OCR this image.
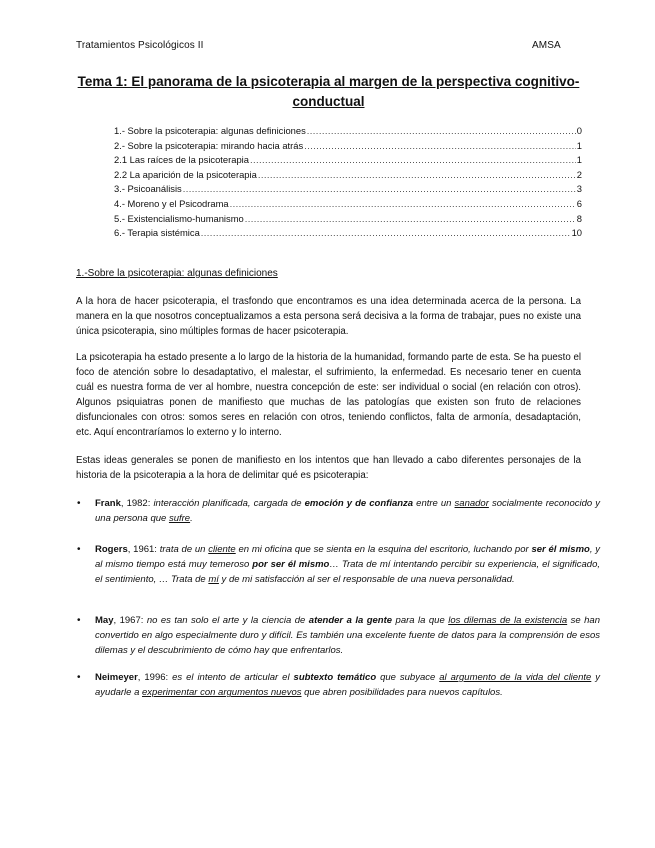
Tratamientos Psicológicos II	AMSA
Tema 1: El panorama de la psicoterapia al margen de la perspectiva cognitivo-conductual
1.- Sobre la psicoterapia: algunas definiciones .....	0
2.- Sobre la psicoterapia: mirando hacia atrás .....	1
2.1 Las raíces de la psicoterapia .....	1
2.2 La aparición de la psicoterapia .....	2
3.- Psicoanálisis .....	3
4.- Moreno y el Psicodrama .....	6
5.- Existencialismo-humanismo .....	8
6.- Terapia sistémica .....	10
1.-Sobre la psicoterapia: algunas definiciones
A la hora de hacer psicoterapia, el trasfondo que encontramos es una idea determinada acerca de la persona. La manera en la que nosotros conceptualizamos a esta persona será decisiva a la forma de trabajar, pues no existe una única psicoterapia, sino múltiples formas de hacer psicoterapia.
La psicoterapia ha estado presente a lo largo de la historia de la humanidad, formando parte de esta. Se ha puesto el foco de atención sobre lo desadaptativo, el malestar, el sufrimiento, la enfermedad. Es necesario tener en cuenta cuál es nuestra forma de ver al hombre, nuestra concepción de este: ser individual o social (en relación con otros). Algunos psiquiatras ponen de manifiesto que muchas de las patologías que existen son fruto de relaciones disfuncionales con otros: somos seres en relación con otros, teniendo conflictos, falta de armonía, desadaptación, etc. Aquí encontraríamos lo externo y lo interno.
Estas ideas generales se ponen de manifiesto en los intentos que han llevado a cabo diferentes personajes de la historia de la psicoterapia a la hora de delimitar qué es psicoterapia:
• Frank, 1982: interacción planificada, cargada de emoción y de confianza entre un sanador socialmente reconocido y una persona que sufre.
• Rogers, 1961: trata de un cliente en mi oficina que se sienta en la esquina del escritorio, luchando por ser él mismo, y al mismo tiempo está muy temeroso por ser él mismo… Trata de mí intentando percibir su experiencia, el significado, el sentimiento, … Trata de mí y de mi satisfacción al ser el responsable de una nueva personalidad.
• May, 1967: no es tan solo el arte y la ciencia de atender a la gente para la que los dilemas de la existencia se han convertido en algo especialmente duro y difícil. Es también una excelente fuente de datos para la comprensión de esos dilemas y el descubrimiento de cómo hay que enfrentarlos.
• Neimeyer, 1996: es el intento de articular el subtexto temático que subyace al argumento de la vida del cliente y ayudarle a experimentar con argumentos nuevos que abren posibilidades para nuevos capítulos.
